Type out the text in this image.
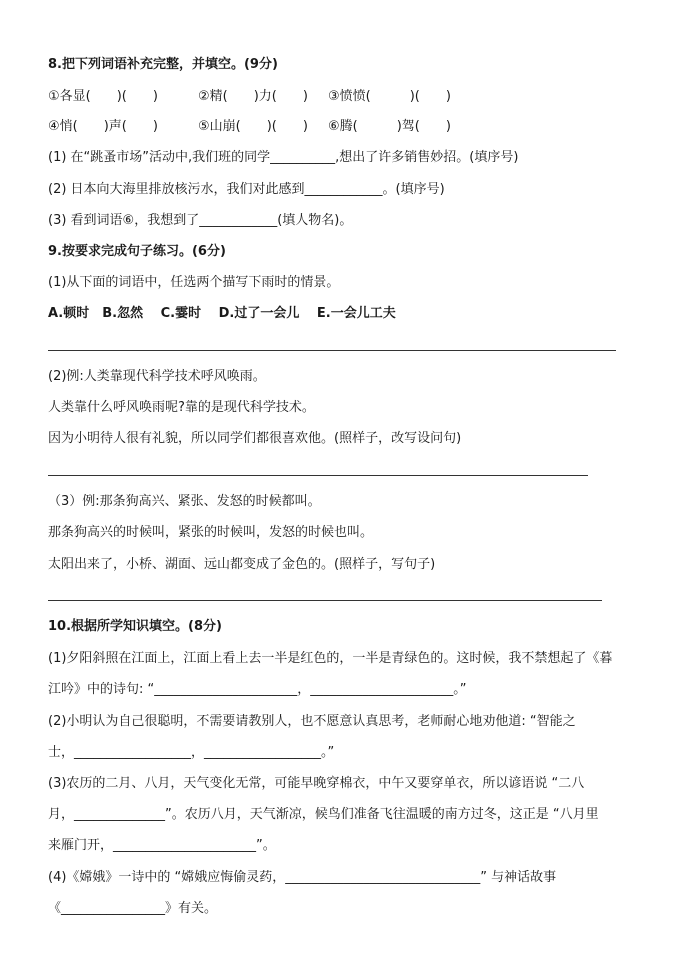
8.把下列词语补充完整，并填空。(9分)
①各显(　　)(　　)	②精(　　)力(　　) ③愤愤(　　　)(　　)
④悄(　　)声(　　)	⑤山崩(　　)(　　) ⑥腾(　　　)驾(　　)
(1) 在“跳蚤市场”活动中,我们班的同学__________,想出了许多销售妙招。(填序号)
(2) 日本向大海里排放核污水，我们对此感到____________。(填序号)
(3) 看到词语⑥，我想到了____________(填人物名)。
9.按要求完成句子练习。(6分)
(1)从下面的词语中，任选两个描写下雨时的情景。
A.顿时　B.忽然　 C.霎时　 D.过了一会儿　 E.一会儿工夫
(2)例:人类靠现代科学技术呼风唤雨。
人类靠什么呼风唤雨呢?靠的是现代科学技术。
因为小明待人很有礼貌，所以同学们都很喜欢他。(照样子，改写设问句)
（3）例:那条狗高兴、紧张、发怒的时候都叫。
那条狗高兴的时候叫，紧张的时候叫，发怒的时候也叫。
太阳出来了，小桥、湖面、远山都变成了金色的。(照样子，写句子)
10.根据所学知识填空。(8分)
(1)夕阳斜照在江面上，江面上看上去一半是红色的，一半是青绿色的。这时候，我不禁想起了《暮
江吟》中的诗句: “______________________，______________________。”
(2)小明认为自己很聪明，不需要请教别人，也不愿意认真思考，老师耐心地劝他道: “智能之
士，__________________，__________________。”
(3)农历的二月、八月，天气变化无常，可能早晚穿棉衣，中午又要穿单衣，所以谚语说 “二八
月，______________”。农历八月，天气渐凉，候鸟们准备飞往温暖的南方过冬，这正是 “八月里
来雁门开，______________________”。
(4)《嫦娥》一诗中的 “嫦娥应悔偷灵药，______________________________” 与神话故事
《________________》有关。
